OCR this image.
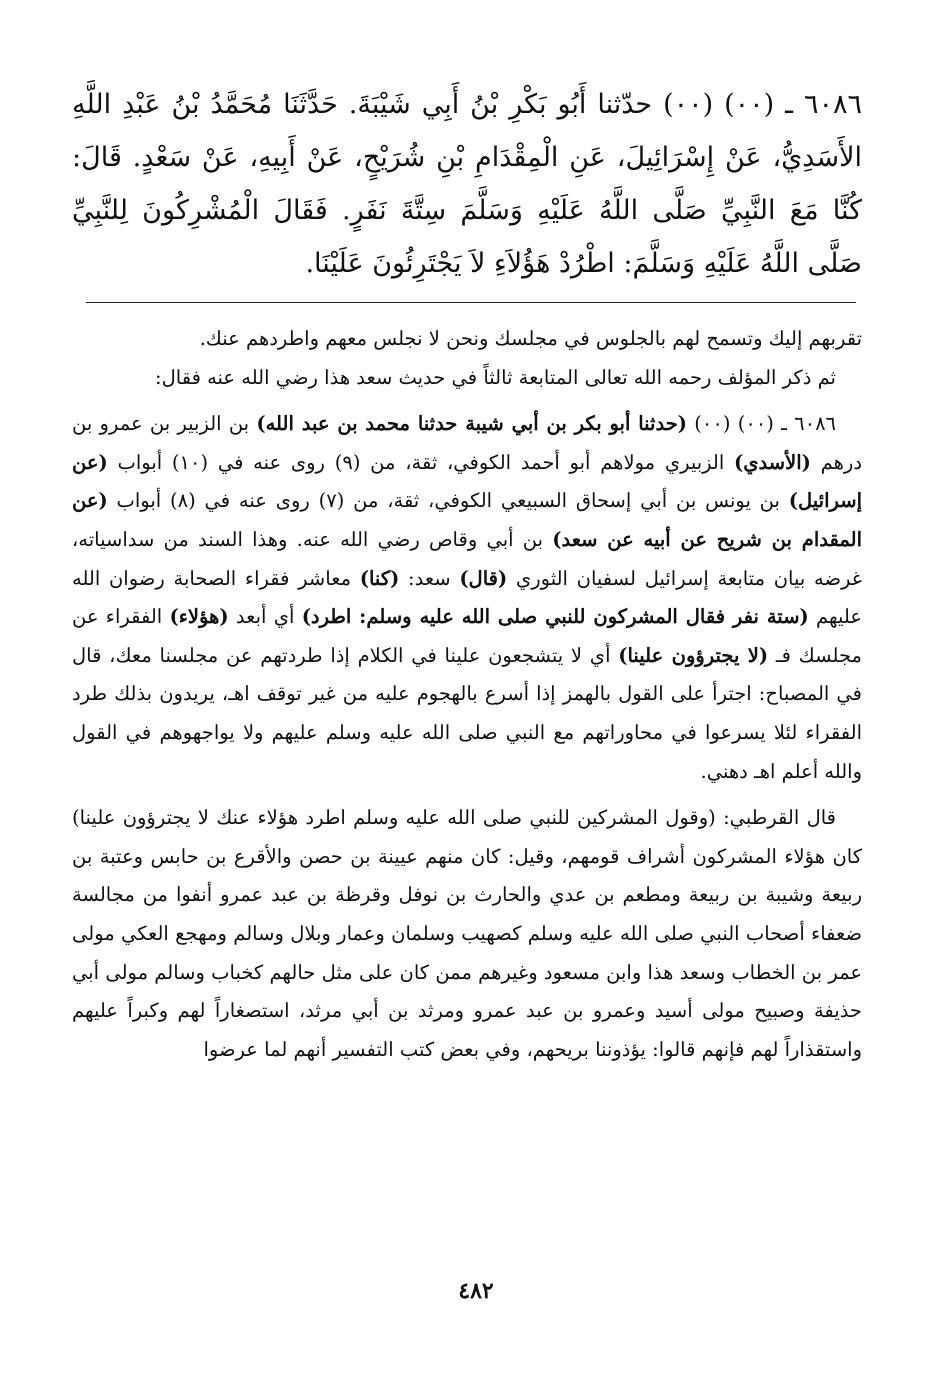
٦٠٨٦ ـ (٠٠) (٠٠) حدّثنا أَبُو بَكْرِ بْنُ أَبِي شَيْبَةَ. حَدَّثَنَا مُحَمَّدُ بْنُ عَبْدِ اللَّهِ الأَسَدِيُّ، عَنْ إِسْرَائِيلَ، عَنِ الْمِقْدَامِ بْنِ شُرَيْحٍ، عَنْ أَبِيهِ، عَنْ سَعْدٍ. قَالَ: كُنَّا مَعَ النَّبِيِّ صَلَّى اللَّهُ عَلَيْهِ وَسَلَّمَ سِتَّةَ نَفَرٍ. فَقَالَ الْمُشْرِكُونَ لِلنَّبِيِّ صَلَّى اللَّهُ عَلَيْهِ وَسَلَّمَ: اطْرُدْ هَؤُلاَءِ لاَ يَجْتَرِئُونَ عَلَيْنَا.

تقربهم إليك وتسمح لهم بالجلوس في مجلسك ونحن لا نجلس معهم واطردهم عنك.

ثم ذكر المؤلف رحمه الله تعالى المتابعة ثالثاً في حديث سعد هذا رضي الله عنه فقال:

٦٠٨٦ ـ (٠٠) (٠٠) (حدثنا أبو بكر بن أبي شيبة حدثنا محمد بن عبد الله) بن الزبير بن عمرو بن درهم (الأسدي) الزبيري مولاهم أبو أحمد الكوفي، ثقة، من (٩) روى عنه في (١٠) أبواب (عن إسرائيل) بن يونس بن أبي إسحاق السبيعي الكوفي، ثقة، من (٧) روى عنه في (٨) أبواب (عن المقدام بن شريح عن أبيه عن سعد) بن أبي وقاص رضي الله عنه. وهذا السند من سداسياته، غرضه بيان متابعة إسرائيل لسفيان الثوري (قال) سعد: (كنا) معاشر فقراء الصحابة رضوان الله عليهم (ستة نفر فقال المشركون للنبي صلى الله عليه وسلم: اطرد) أي أبعد (هؤلاء) الفقراء عن مجلسك فـ (لا يجترؤون علينا) أي لا يتشجعون علينا في الكلام إذا طردتهم عن مجلسنا معك، قال في المصباح: اجترأ على القول بالهمز إذا أسرع بالهجوم عليه من غير توقف اهـ، يريدون بذلك طرد الفقراء لئلا يسرعوا في محاوراتهم مع النبي صلى الله عليه وسلم عليهم ولا يواجهوهم في القول والله أعلم اهـ دهني.

قال القرطبي: (وقول المشركين للنبي صلى الله عليه وسلم اطرد هؤلاء عنك لا يجترؤون علينا) كان هؤلاء المشركون أشراف قومهم، وقيل: كان منهم عيينة بن حصن والأقرع بن حابس وعتبة بن ربيعة وشيبة بن ربيعة ومطعم بن عدي والحارث بن نوفل وقرظة بن عبد عمرو أنفوا من مجالسة ضعفاء أصحاب النبي صلى الله عليه وسلم كصهيب وسلمان وعمار وبلال وسالم ومهجع العكي مولى عمر بن الخطاب وسعد هذا وابن مسعود وغيرهم ممن كان على مثل حالهم كخباب وسالم مولى أبي حذيفة وصبيح مولى أسيد وعمرو بن عبد عمرو ومرثد بن أبي مرثد، استصغاراً لهم وكبراً عليهم واستقذاراً لهم فإنهم قالوا: يؤذوننا بريحهم، وفي بعض كتب التفسير أنهم لما عرضوا

٤٨٢
